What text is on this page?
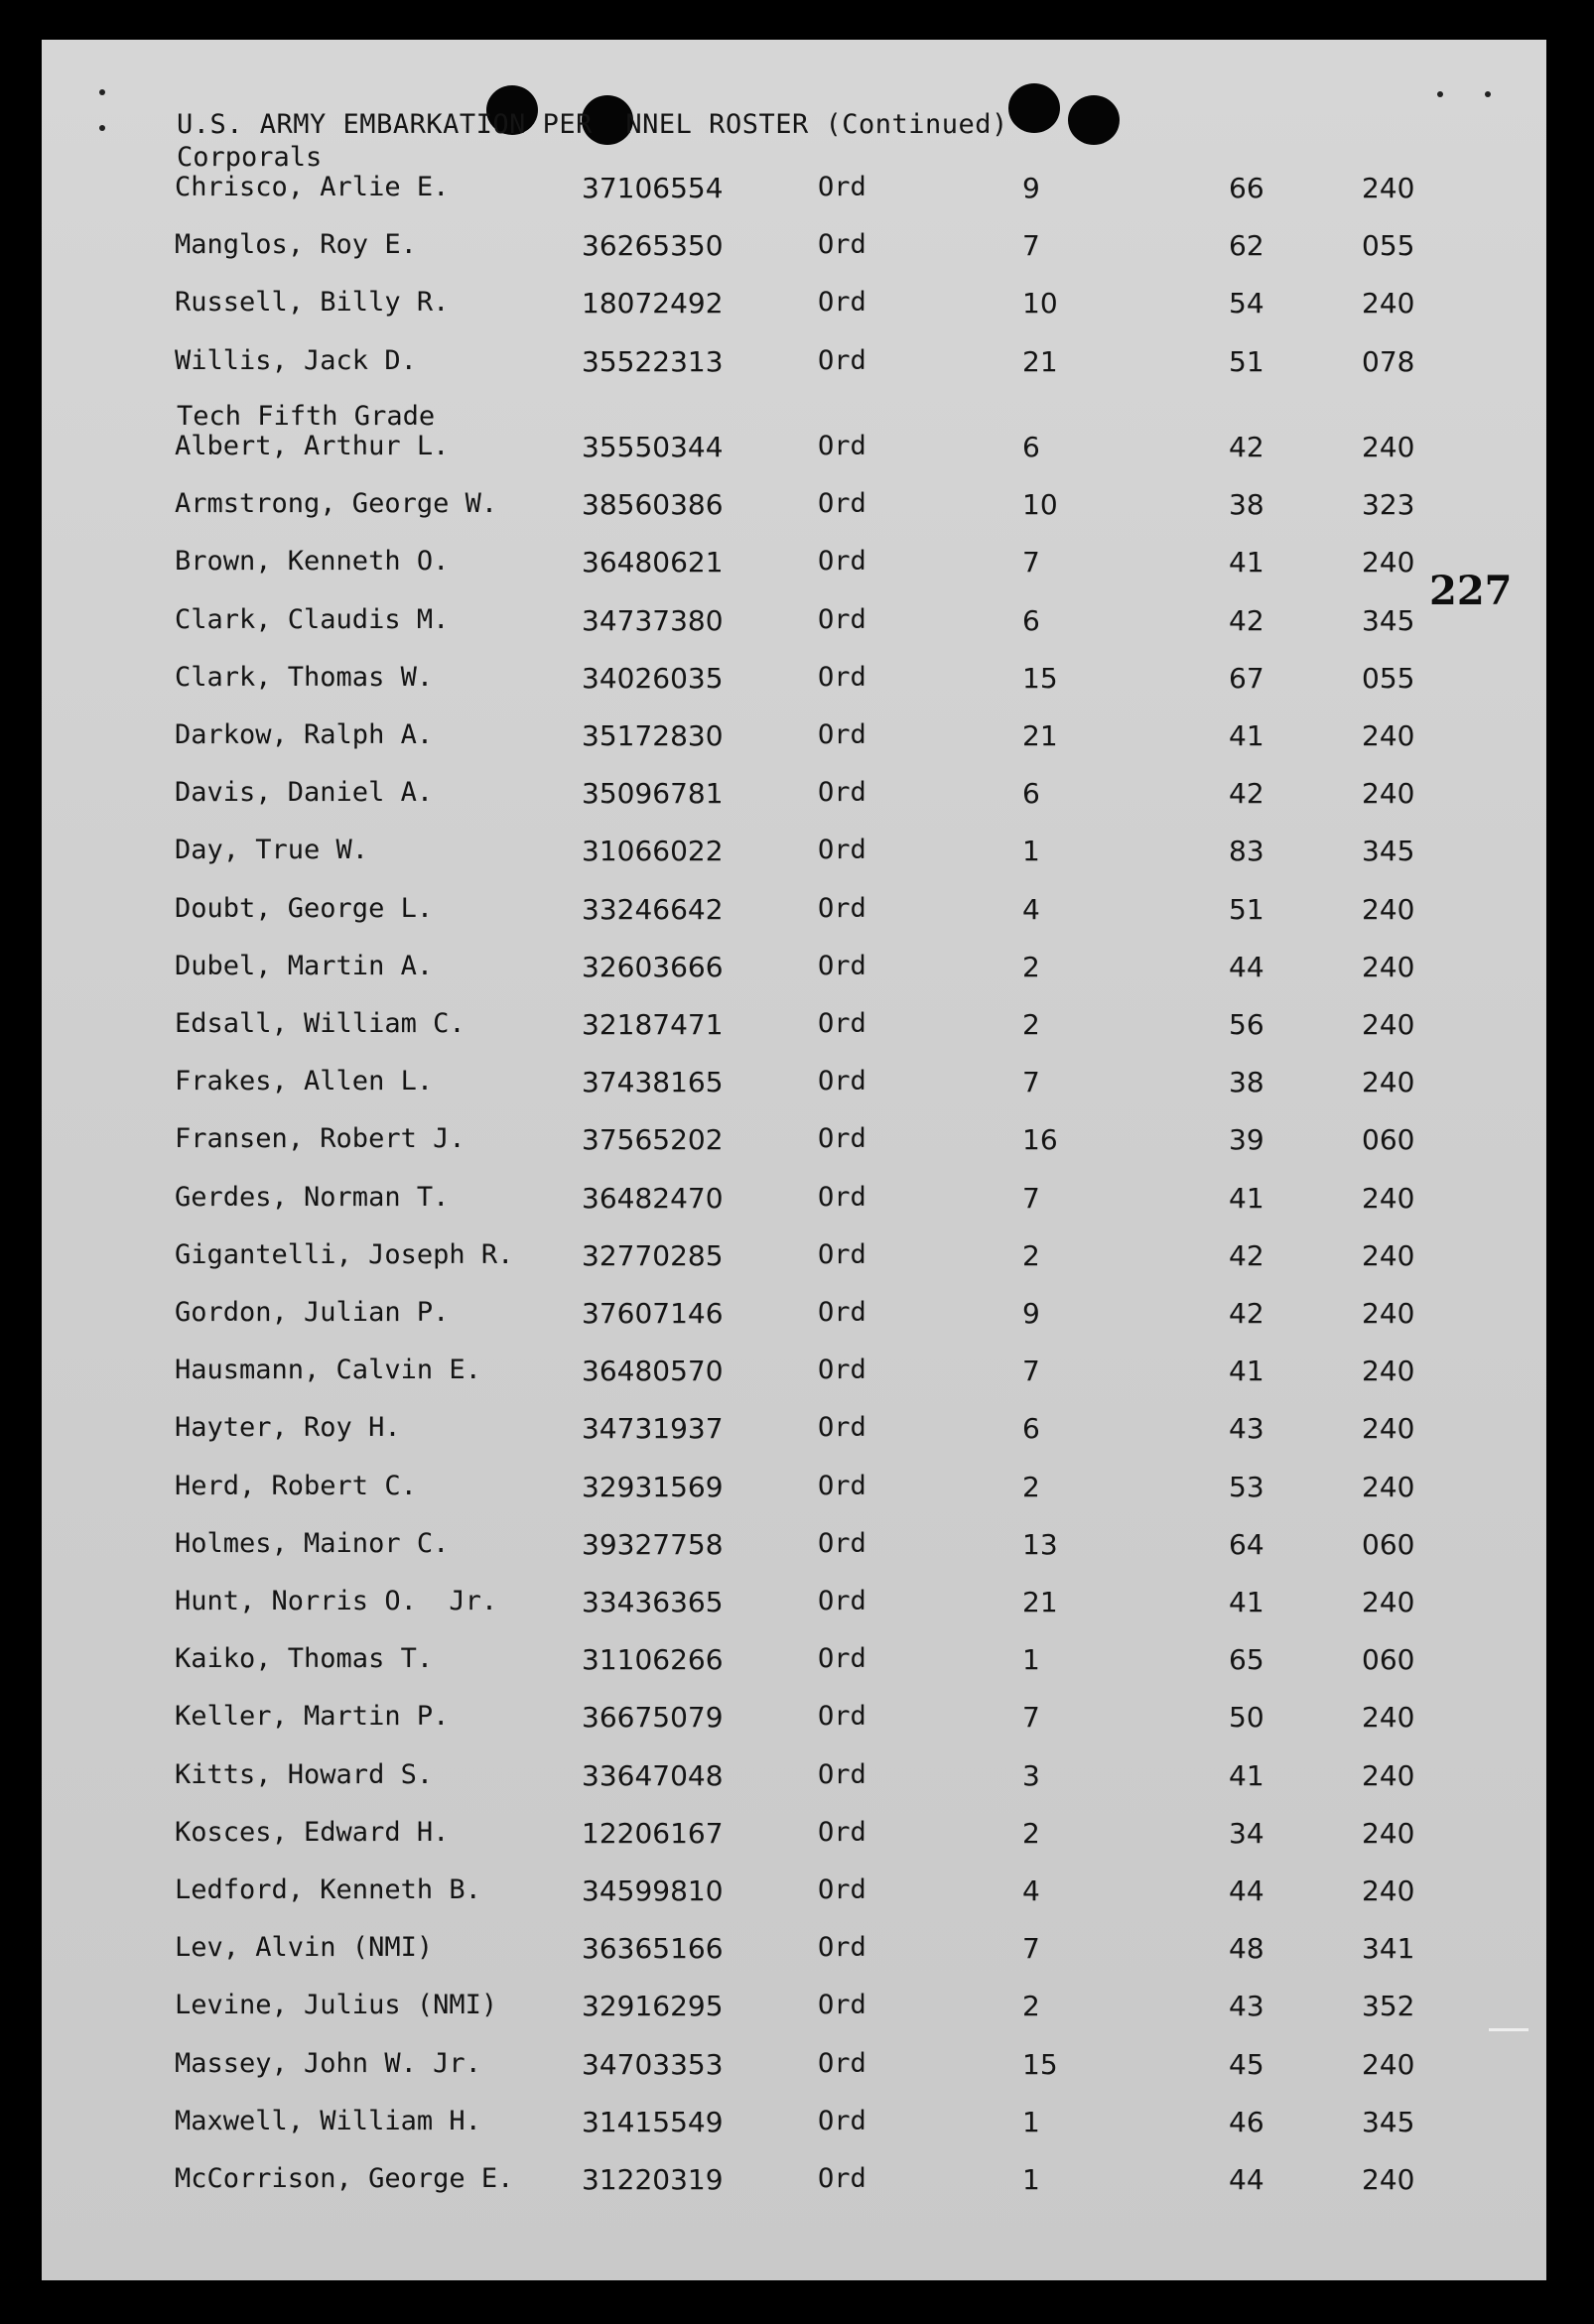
U.S. ARMY EMBARKATION PER NNEL ROSTER (Continued)
227
Corporals
Chrisco, Arlie E.	37106554	Ord	9	66	240
Manglos, Roy E.	36265350	Ord	7	62	055
Russell, Billy R.	18072492	Ord	10	54	240
Willis, Jack D.	35522313	Ord	21	51	078
Tech Fifth Grade
Albert, Arthur L.	35550344	Ord	6	42	240
Armstrong, George W.	38560386	Ord	10	38	323
Brown, Kenneth O.	36480621	Ord	7	41	240
Clark, Claudis M.	34737380	Ord	6	42	345
Clark, Thomas W.	34026035	Ord	15	67	055
Darkow, Ralph A.	35172830	Ord	21	41	240
Davis, Daniel A.	35096781	Ord	6	42	240
Day, True W.	31066022	Ord	1	83	345
Doubt, George L.	33246642	Ord	4	51	240
Dubel, Martin A.	32603666	Ord	2	44	240
Edsall, William C.	32187471	Ord	2	56	240
Frakes, Allen L.	37438165	Ord	7	38	240
Fransen, Robert J.	37565202	Ord	16	39	060
Gerdes, Norman T.	36482470	Ord	7	41	240
Gigantelli, Joseph R. 32770285	Ord	2	42	240
Gordon, Julian P.	37607146	Ord	9	42	240
Hausmann, Calvin E.	36480570	Ord	7	41	240
Hayter, Roy H.	34731937	Ord	6	43	240
Herd, Robert C.	32931569	Ord	2	53	240
Holmes, Mainor C.	39327758	Ord	13	64	060
Hunt, Norris O.  Jr.	33436365	Ord	21	41	240
Kaiko, Thomas T.	31106266	Ord	1	65	060
Keller, Martin P.	36675079	Ord	7	50	240
Kitts, Howard S.	33647048	Ord	3	41	240
Kosces, Edward H.	12206167	Ord	2	34	240
Ledford, Kenneth B.	34599810	Ord	4	44	240
Lev, Alvin (NMI)	36365166	Ord	7	48	341
Levine, Julius (NMI)	32916295	Ord	2	43	352
Massey, John W. Jr.	34703353	Ord	15	45	240
Maxwell, William H.	31415549	Ord	1	46	345
McCorrison, George E. 31220319	Ord	1	44	240
